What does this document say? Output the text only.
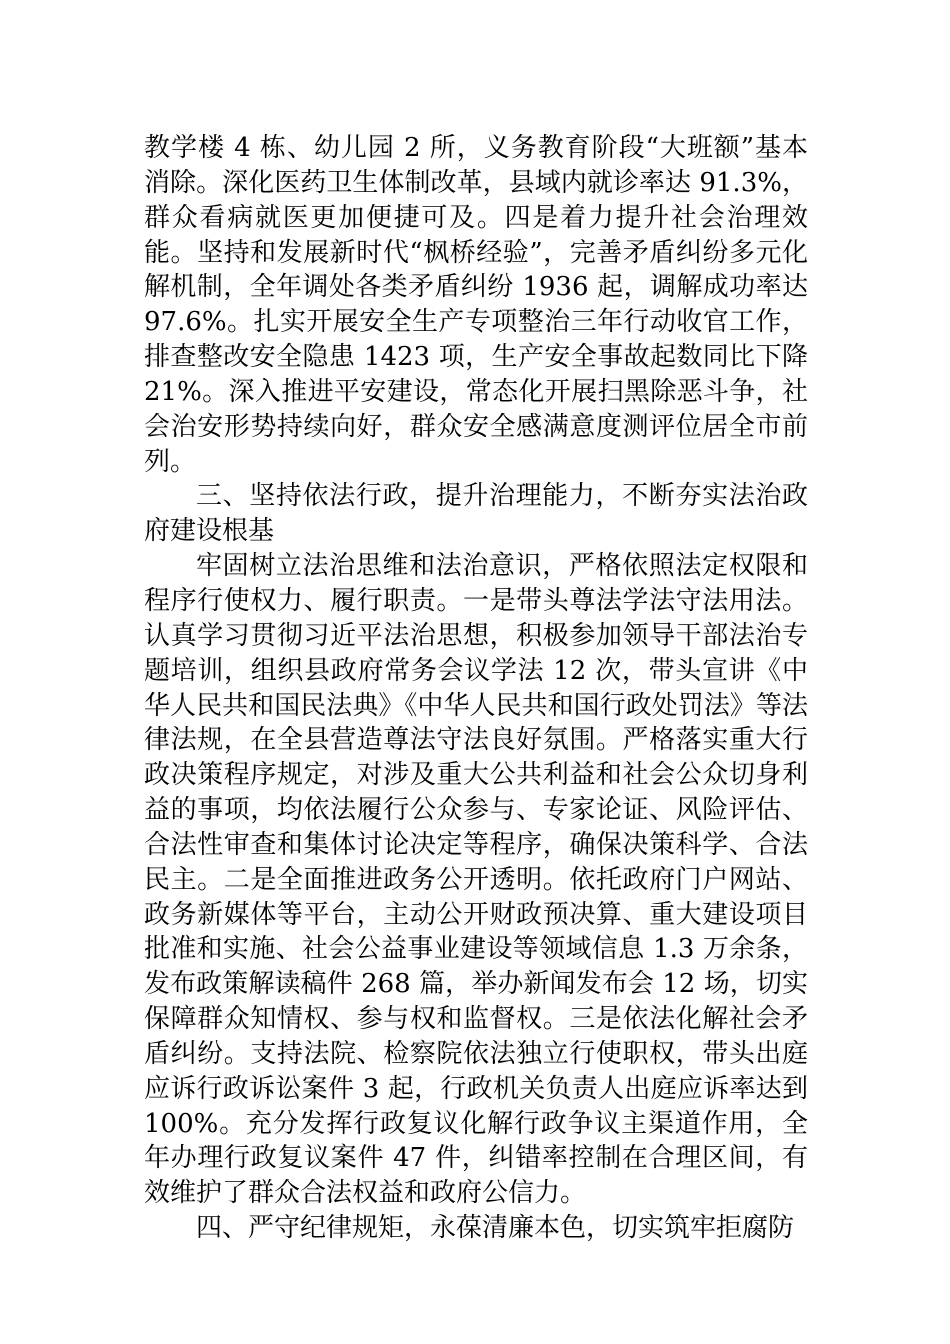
教学楼 4 栋、幼儿园 2 所，义务教育阶段“大班额”基本消除。深化医药卫生体制改革，县域内就诊率达 91.3%，群众看病就医更加便捷可及。四是着力提升社会治理效能。坚持和发展新时代“枫桥经验”，完善矛盾纠纷多元化解机制，全年调处各类矛盾纠纷 1936 起，调解成功率达 97.6%。扎实开展安全生产专项整治三年行动收官工作，排查整改安全隐患 1423 项，生产安全事故起数同比下降 21%。深入推进平安建设，常态化开展扫黑除恶斗争，社会治安形势持续向好，群众安全感满意度测评位居全市前列。

三、坚持依法行政，提升治理能力，不断夯实法治政府建设根基

牢固树立法治思维和法治意识，严格依照法定权限和程序行使权力、履行职责。一是带头尊法学法守法用法。认真学习贯彻习近平法治思想，积极参加领导干部法治专题培训，组织县政府常务会议学法 12 次，带头宣讲《中华人民共和国民法典》《中华人民共和国行政处罚法》等法律法规，在全县营造尊法守法良好氛围。严格落实重大行政决策程序规定，对涉及重大公共利益和社会公众切身利益的事项，均依法履行公众参与、专家论证、风险评估、合法性审查和集体讨论决定等程序，确保决策科学、合法民主。二是全面推进政务公开透明。依托政府门户网站、政务新媒体等平台，主动公开财政预决算、重大建设项目批准和实施、社会公益事业建设等领域信息 1.3 万余条，发布政策解读稿件 268 篇，举办新闻发布会 12 场，切实保障群众知情权、参与权和监督权。三是依法化解社会矛盾纠纷。支持法院、检察院依法独立行使职权，带头出庭应诉行政诉讼案件 3 起，行政机关负责人出庭应诉率达到 100%。充分发挥行政复议化解行政争议主渠道作用，全年办理行政复议案件 47 件，纠错率控制在合理区间，有效维护了群众合法权益和政府公信力。

四、严守纪律规矩，永葆清廉本色，切实筑牢拒腐防
